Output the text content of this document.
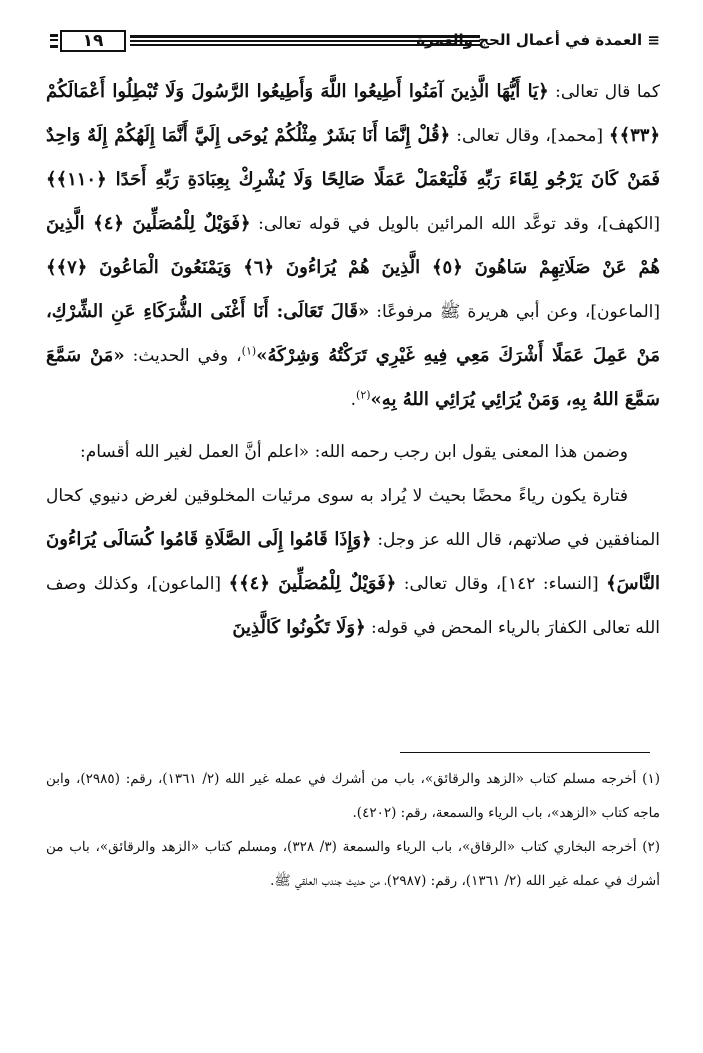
١٩	≡ العمدة في أعمال الحج والعمرة

كما قال تعالى: ﴿يَا أَيُّهَا الَّذِينَ آمَنُوا أَطِيعُوا اللَّهَ وَأَطِيعُوا الرَّسُولَ وَلَا تُبْطِلُوا أَعْمَالَكُمْ ﴿٣٣﴾﴾ [محمد]، وقال تعالى: ﴿قُلْ إِنَّمَا أَنَا بَشَرٌ مِثْلُكُمْ يُوحَى إِلَيَّ أَنَّمَا إِلَهُكُمْ إِلَهٌ وَاحِدٌ فَمَنْ كَانَ يَرْجُو لِقَاءَ رَبِّهِ فَلْيَعْمَلْ عَمَلًا صَالِحًا وَلَا يُشْرِكْ بِعِبَادَةِ رَبِّهِ أَحَدًا ﴿١١٠﴾﴾ [الكهف]، وقد توعَّد الله المرائين بالويل في قوله تعالى: ﴿فَوَيْلٌ لِلْمُصَلِّينَ ﴿٤﴾ الَّذِينَ هُمْ عَنْ صَلَاتِهِمْ سَاهُونَ ﴿٥﴾ الَّذِينَ هُمْ يُرَاءُونَ ﴿٦﴾ وَيَمْنَعُونَ الْمَاعُونَ ﴿٧﴾﴾ [الماعون]، وعن أبي هريرة ﷺ مرفوعًا: «قَالَ تَعَالَى: أَنَا أَغْنَى الشُّرَكَاءِ عَنِ الشِّرْكِ، مَنْ عَمِلَ عَمَلًا أَشْرَكَ مَعِي فِيهِ غَيْرِي تَرَكْتُهُ وَشِرْكَهُ»$^{(١)}$، وفي الحديث: «مَنْ سَمَّعَ سَمَّعَ اللهُ بِهِ، وَمَنْ يُرَائِي يُرَائِي اللهُ بِهِ»$^{(٢)}$.

وضمن هذا المعنى يقول ابن رجب رحمه الله: «اعلم أنَّ العمل لغير الله أقسام:

فتارة يكون رياءً محضًا بحيث لا يُراد به سوى مرئيات المخلوقين لغرض دنيوي كحال المنافقين في صلاتهم، قال الله عز وجل: ﴿وَإِذَا قَامُوا إِلَى الصَّلَاةِ قَامُوا كُسَالَى يُرَاءُونَ النَّاسَ﴾ [النساء: ١٤٢]، وقال تعالى: ﴿فَوَيْلٌ لِلْمُصَلِّينَ ﴿٤﴾﴾ [الماعون]، وكذلك وصف الله تعالى الكفارَ بالرياء المحض في قوله: ﴿وَلَا تَكُونُوا كَالَّذِينَ

(١) أخرجه مسلم كتاب «الزهد والرقائق»، باب من أشرك في عمله غير الله (٢/ ١٣٦١)، رقم: (٢٩٨٥)، وابن ماجه كتاب «الزهد»، باب الرياء والسمعة، رقم: (٤٢٠٢).

(٢) أخرجه البخاري كتاب «الرقاق»، باب الرياء والسمعة (٣/ ٣٢٨)، ومسلم كتاب «الزهد والرقائق»، باب من أشرك في عمله غير الله (٢/ ١٣٦١)، رقم: (٢٩٨٧)، من حديث جندب العلقي ﷺ.
